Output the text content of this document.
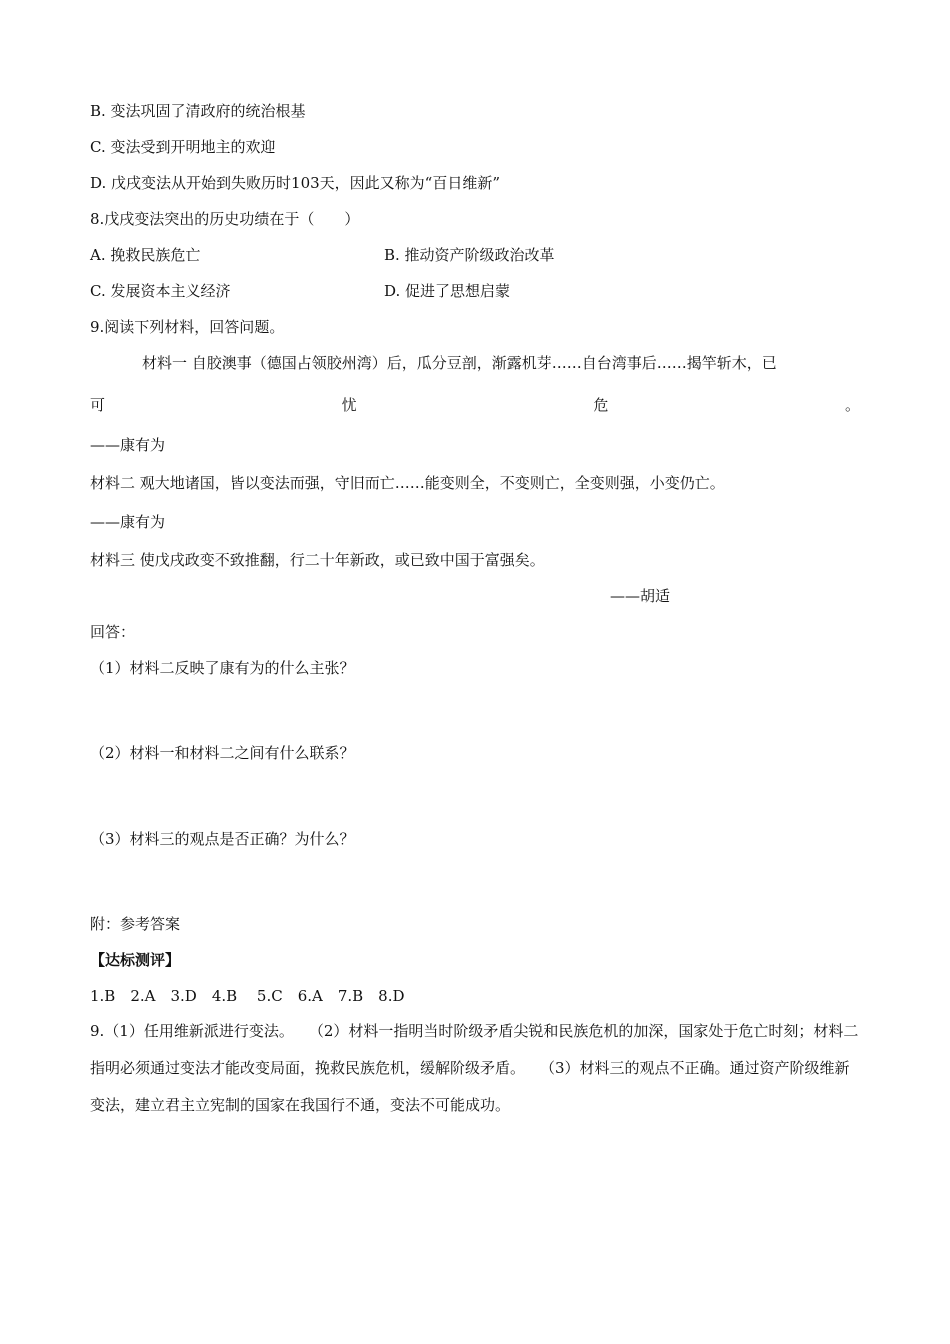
B. 变法巩固了清政府的统治根基
C. 变法受到开明地主的欢迎
D. 戊戌变法从开始到失败历时103天，因此又称为“百日维新”
8.戊戌变法突出的历史功绩在于（　　）
A. 挽救民族危亡	B. 推动资产阶级政治改革
C. 发展资本主义经济	D. 促进了思想启蒙
9.阅读下列材料，回答问题。
材料一 自胶澳事（德国占领胶州湾）后，瓜分豆剖，渐露机芽……自台湾事后……揭竿斩木，已
可	忧	危	。
——康有为
材料二 观大地诸国，皆以变法而强，守旧而亡……能变则全，不变则亡，全变则强，小变仍亡。
——康有为
材料三 使戊戌政变不致推翻，行二十年新政，或已致中国于富强矣。
——胡适
回答：
（1）材料二反映了康有为的什么主张？
（2）材料一和材料二之间有什么联系？
（3）材料三的观点是否正确？为什么？
附：参考答案
【达标测评】
1.B　2.A　3.D　4.B　 5.C　6.A　7.B　8.D
9.（1）任用维新派进行变法。　　（2）材料一指明当时阶级矛盾尖锐和民族危机的加深，国家处于危亡时刻；材料二指明必须通过变法才能改变局面，挽救民族危机，缓解阶级矛盾。　　（3）材料三的观点不正确。通过资产阶级维新变法，建立君主立宪制的国家在我国行不通，变法不可能成功。
